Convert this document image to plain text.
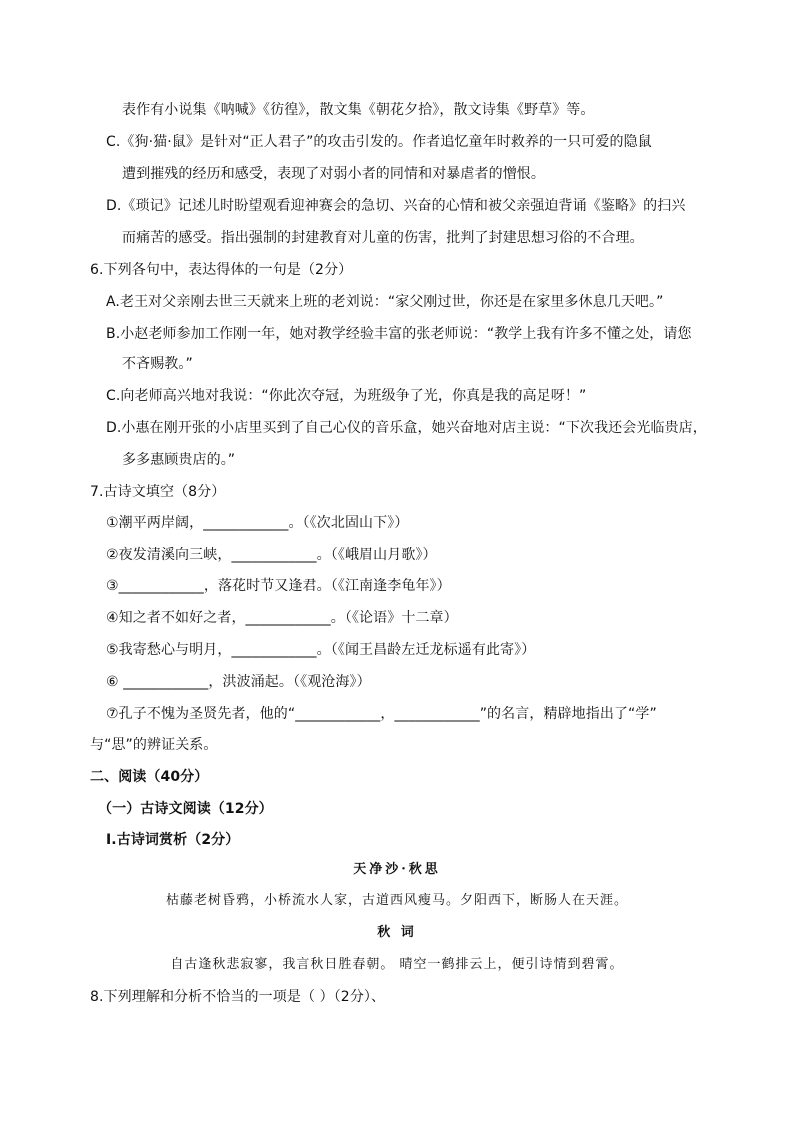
表作有小说集《呐喊》《彷徨》，散文集《朝花夕拾》，散文诗集《野草》等。
C.《狗·猫·鼠》是针对“正人君子”的攻击引发的。作者追忆童年时救养的一只可爱的隐鼠
遭到摧残的经历和感受，表现了对弱小者的同情和对暴虐者的憎恨。
D.《琐记》记述儿时盼望观看迎神赛会的急切、兴奋的心情和被父亲强迫背诵《鉴略》的扫兴
而痛苦的感受。指出强制的封建教育对儿童的伤害，批判了封建思想习俗的不合理。
6.下列各句中，表达得体的一句是（2分）
A.老王对父亲刚去世三天就来上班的老刘说：“家父刚过世，你还是在家里多休息几天吧。”
B.小赵老师参加工作刚一年，她对教学经验丰富的张老师说：“教学上我有许多不懂之处，请您
不吝赐教。”
C.向老师高兴地对我说：“你此次夺冠，为班级争了光，你真是我的高足呀！”
D.小惠在刚开张的小店里买到了自己心仪的音乐盒，她兴奋地对店主说：“下次我还会光临贵店，
多多惠顾贵店的。”
7.古诗文填空（8分）
①潮平两岸阔，____________。（《次北固山下》）
②夜发清溪向三峡，____________。（《峨眉山月歌》）
③____________，落花时节又逢君。（《江南逢李龟年》）
④知之者不如好之者，____________。（《论语》十二章）
⑤我寄愁心与明月，____________。（《闻王昌龄左迁龙标遥有此寄》）
⑥ ____________，洪波涌起。（《观沧海》）
⑦孔子不愧为圣贤先者，他的“____________，____________”的名言，精辟地指出了“学”
与“思”的辨证关系。
二、阅读（40分）
（一）古诗文阅读（12分）
I.古诗词赏析（2分）
天净沙·秋思
枯藤老树昏鸦，小桥流水人家，古道西风瘦马。夕阳西下，断肠人在天涯。
秋 词
自古逢秋悲寂寥，我言秋日胜春朝。 晴空一鹤排云上，便引诗情到碧霄。
8.下列理解和分析不恰当的一项是（ ）（2分）、
